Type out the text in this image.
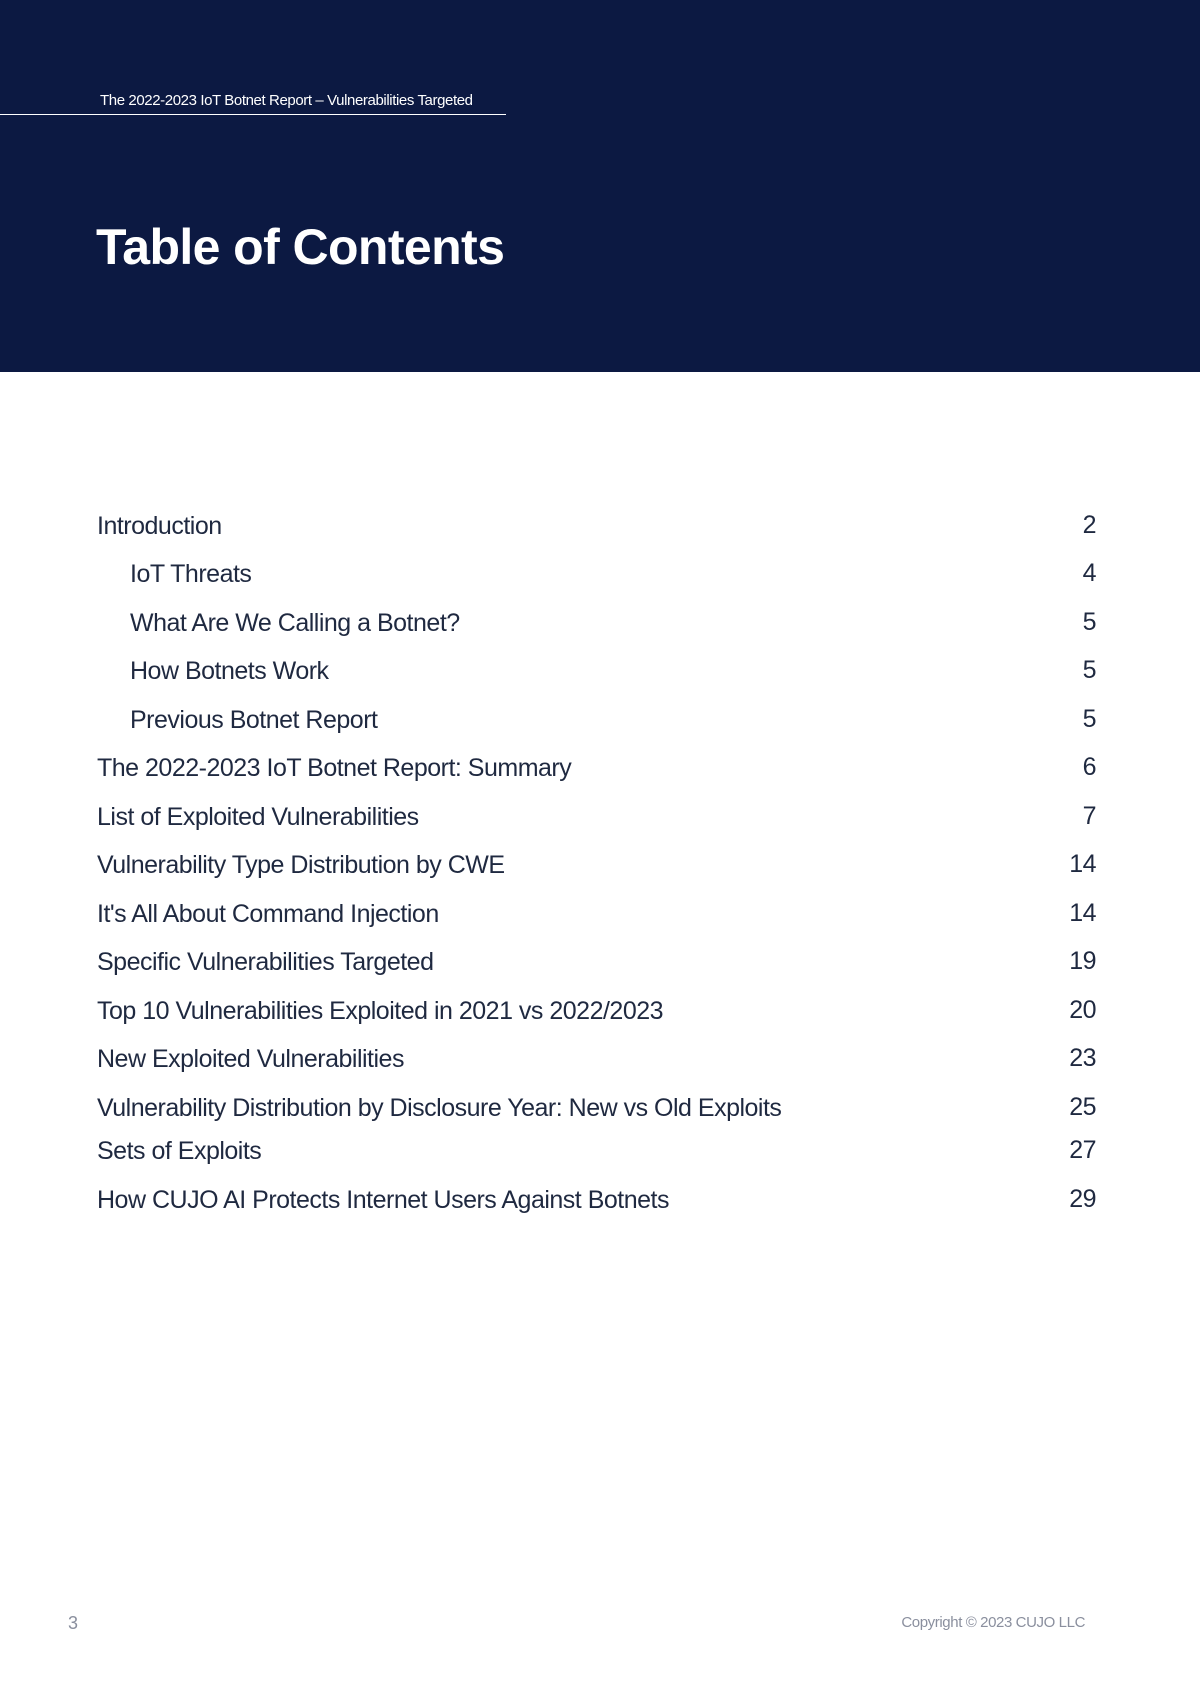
The 2022-2023 IoT Botnet Report – Vulnerabilities Targeted
Table of Contents
Introduction	2
IoT Threats	4
What Are We Calling a Botnet?	5
How Botnets Work	5
Previous Botnet Report	5
The 2022-2023 IoT Botnet Report: Summary	6
List of Exploited Vulnerabilities	7
Vulnerability Type Distribution by CWE	14
It's All About Command Injection	14
Specific Vulnerabilities Targeted	19
Top 10 Vulnerabilities Exploited in 2021 vs 2022/2023	20
New Exploited Vulnerabilities	23
Vulnerability Distribution by Disclosure Year: New vs Old Exploits	25
Sets of Exploits	27
How CUJO AI Protects Internet Users Against Botnets	29
3	Copyright © 2023 CUJO LLC
